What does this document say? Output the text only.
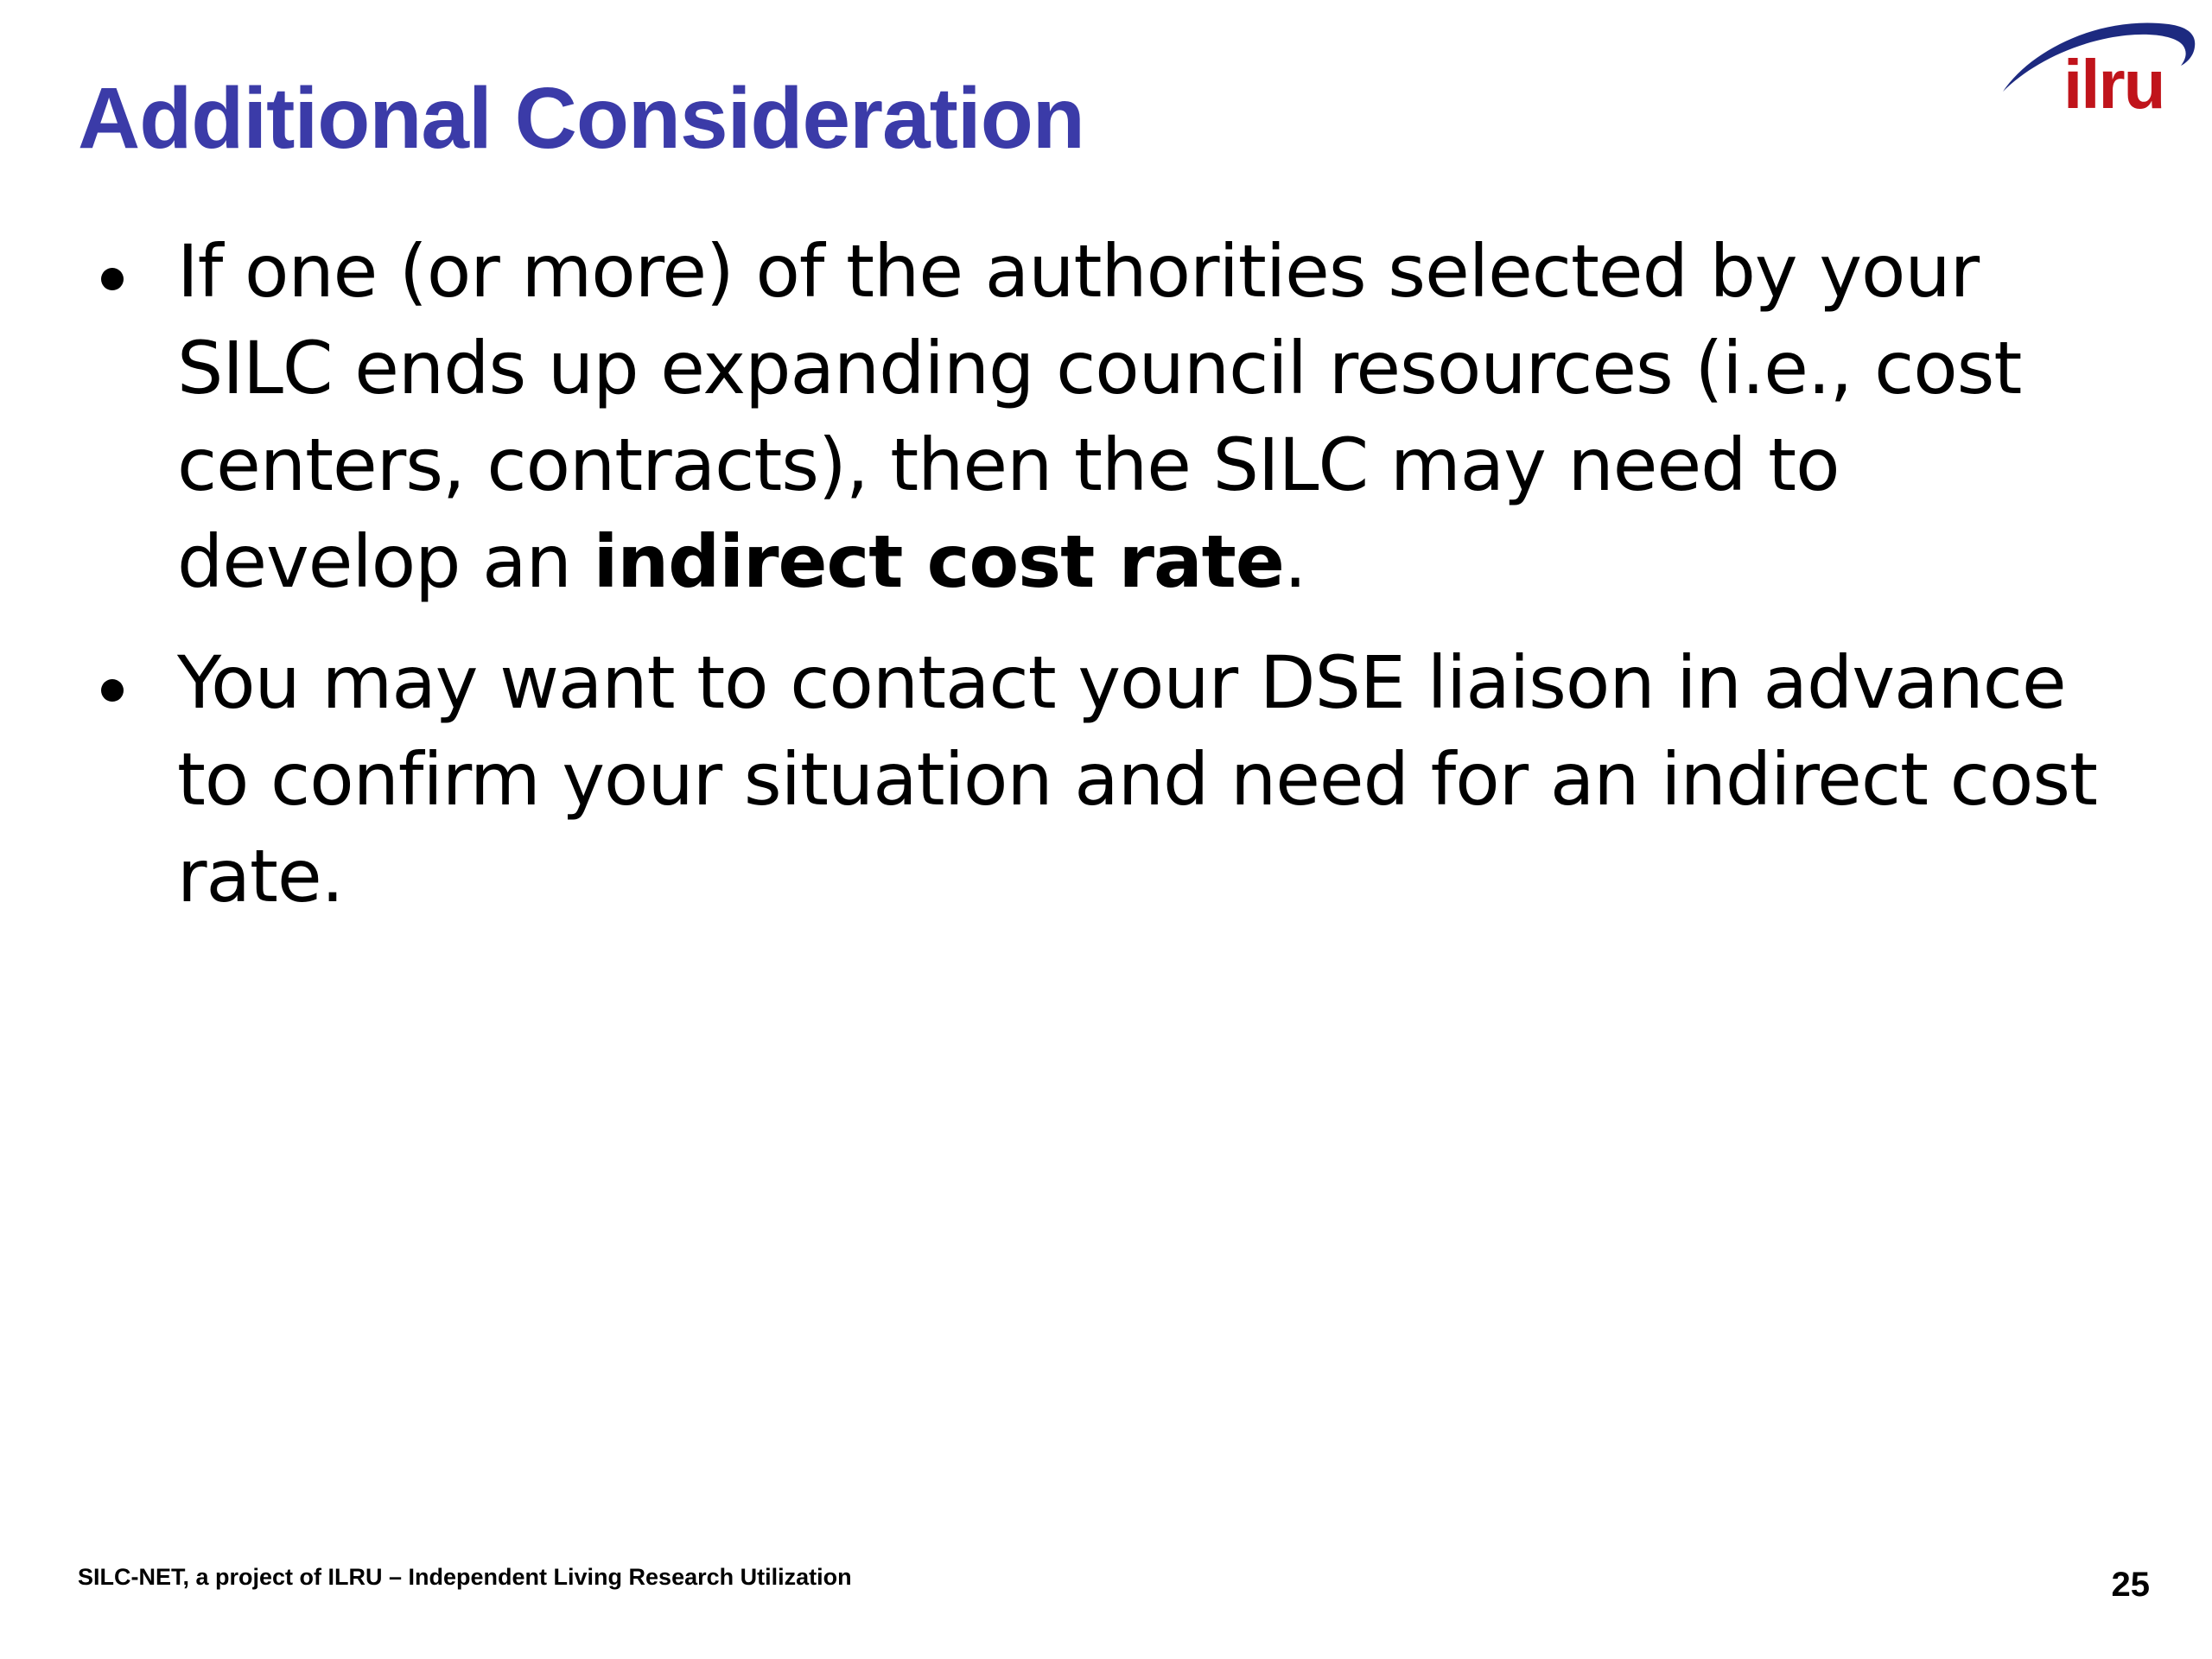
Additional Consideration	ilru
If one (or more) of the authorities selected by your SILC ends up expanding council resources (i.e., cost centers, contracts), then the SILC may need to develop an indirect cost rate.
You may want to contact your DSE liaison in advance to confirm your situation and need for an indirect cost rate.
SILC-NET, a project of ILRU – Independent Living Research Utilization	25
